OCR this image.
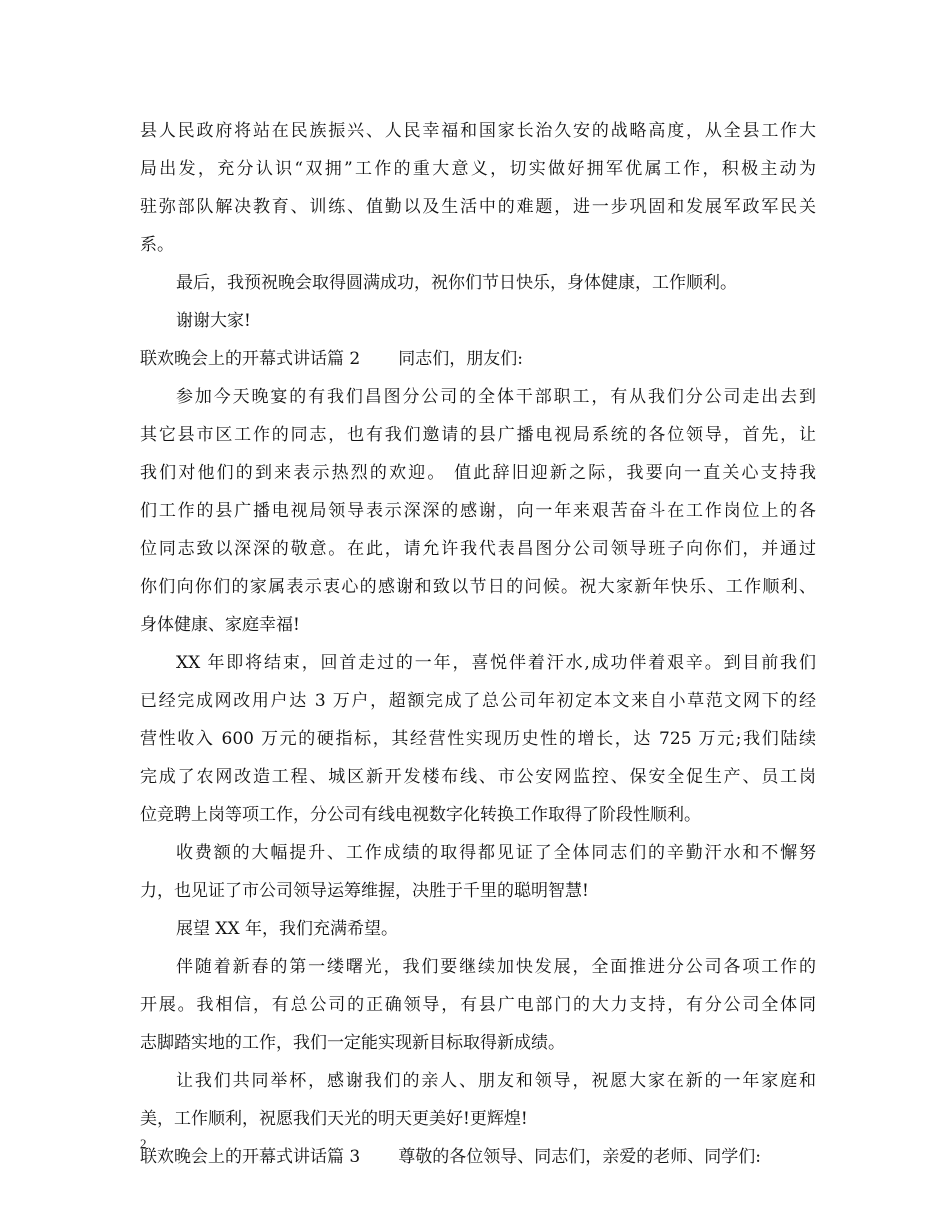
县人民政府将站在民族振兴、人民幸福和国家长治久安的战略高度，从全县工作大
局出发，充分认识“双拥”工作的重大意义，切实做好拥军优属工作，积极主动为
驻弥部队解决教育、训练、值勤以及生活中的难题，进一步巩固和发展军政军民关
系。
最后，我预祝晚会取得圆满成功，祝你们节日快乐，身体健康，工作顺利。
谢谢大家!
联欢晚会上的开幕式讲话篇 2 同志们，朋友们:
参加今天晚宴的有我们昌图分公司的全体干部职工，有从我们分公司走出去到
其它县市区工作的同志，也有我们邀请的县广播电视局系统的各位领导，首先，让
我们对他们的到来表示热烈的欢迎。 值此辞旧迎新之际，我要向一直关心支持我
们工作的县广播电视局领导表示深深的感谢，向一年来艰苦奋斗在工作岗位上的各
位同志致以深深的敬意。在此，请允许我代表昌图分公司领导班子向你们，并通过
你们向你们的家属表示衷心的感谢和致以节日的问候。祝大家新年快乐、工作顺利、
身体健康、家庭幸福!
XX 年即将结束，回首走过的一年，喜悦伴着汗水,成功伴着艰辛。到目前我们
已经完成网改用户达 3 万户，超额完成了总公司年初定本文来自小草范文网下的经
营性收入 600 万元的硬指标，其经营性实现历史性的增长，达 725 万元;我们陆续
完成了农网改造工程、城区新开发楼布线、市公安网监控、保安全促生产、员工岗
位竞聘上岗等项工作，分公司有线电视数字化转换工作取得了阶段性顺利。
收费额的大幅提升、工作成绩的取得都见证了全体同志们的辛勤汗水和不懈努
力，也见证了市公司领导运筹维握，决胜于千里的聪明智慧!
展望 XX 年，我们充满希望。
伴随着新春的第一缕曙光，我们要继续加快发展，全面推进分公司各项工作的
开展。我相信，有总公司的正确领导，有县广电部门的大力支持，有分公司全体同
志脚踏实地的工作，我们一定能实现新目标取得新成绩。
让我们共同举杯，感谢我们的亲人、朋友和领导，祝愿大家在新的一年家庭和
美，工作顺利，祝愿我们天光的明天更美好!更辉煌!
联欢晚会上的开幕式讲话篇 3 尊敬的各位领导、同志们，亲爱的老师、同学们:
2
